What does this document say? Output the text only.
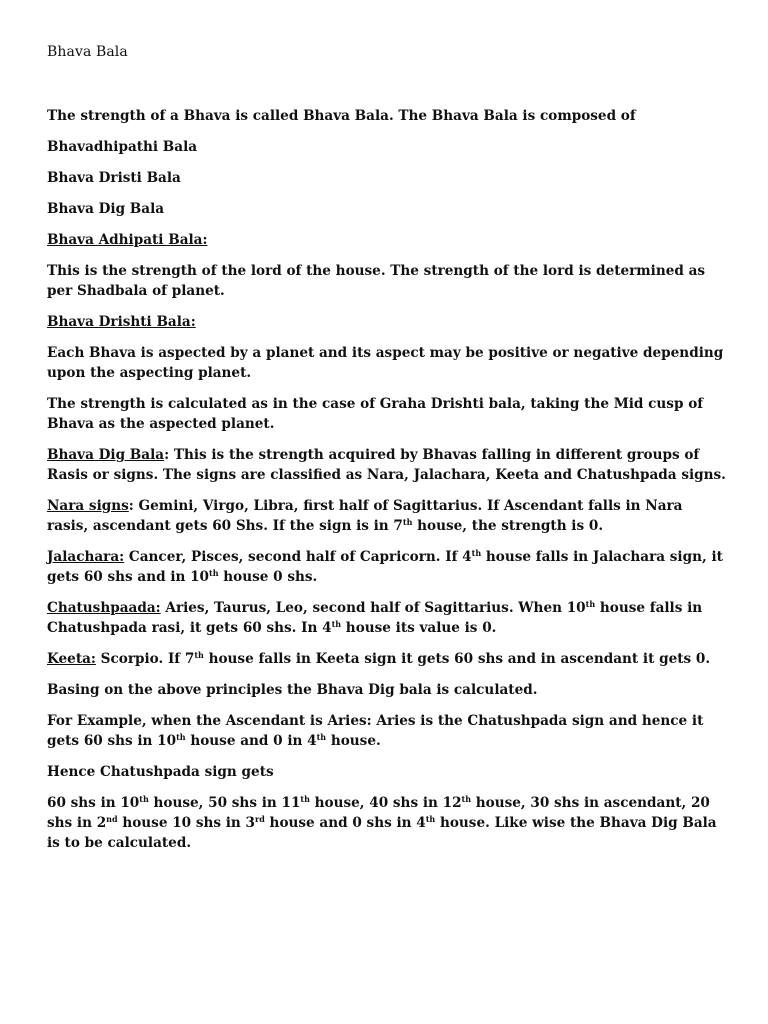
Bhava Bala

The strength of a Bhava is called Bhava Bala. The Bhava Bala is composed of

Bhavadhipathi Bala

Bhava Dristi Bala

Bhava Dig Bala

Bhava Adhipati Bala:

This is the strength of the lord of the house. The strength of the lord is determined as per Shadbala of planet.

Bhava Drishti Bala:

Each Bhava is aspected by a planet and its aspect may be positive or negative depending upon the aspecting planet.

The strength is calculated as in the case of Graha Drishti bala, taking the Mid cusp of Bhava as the aspected planet.

Bhava Dig Bala: This is the strength acquired by Bhavas falling in different groups of Rasis or signs. The signs are classified as Nara, Jalachara, Keeta and Chatushpada signs.

Nara signs: Gemini, Virgo, Libra, first half of Sagittarius. If Ascendant falls in Nara rasis, ascendant gets 60 Shs. If the sign is in 7th house, the strength is 0.

Jalachara: Cancer, Pisces, second half of Capricorn. If 4th house falls in Jalachara sign, it gets 60 shs and in 10th house 0 shs.

Chatushpaada: Aries, Taurus, Leo, second half of Sagittarius. When 10th house falls in Chatushpada rasi, it gets 60 shs. In 4th house its value is 0.

Keeta: Scorpio. If 7th house falls in Keeta sign it gets 60 shs and in ascendant it gets 0.

Basing on the above principles the Bhava Dig bala is calculated.

For Example, when the Ascendant is Aries: Aries is the Chatushpada sign and hence it gets 60 shs in 10th house and 0 in 4th house.

Hence Chatushpada sign gets

60 shs in 10th house, 50 shs in 11th house, 40 shs in 12th house, 30 shs in ascendant, 20 shs in 2nd house 10 shs in 3rd house and 0 shs in 4th house. Like wise the Bhava Dig Bala is to be calculated.
